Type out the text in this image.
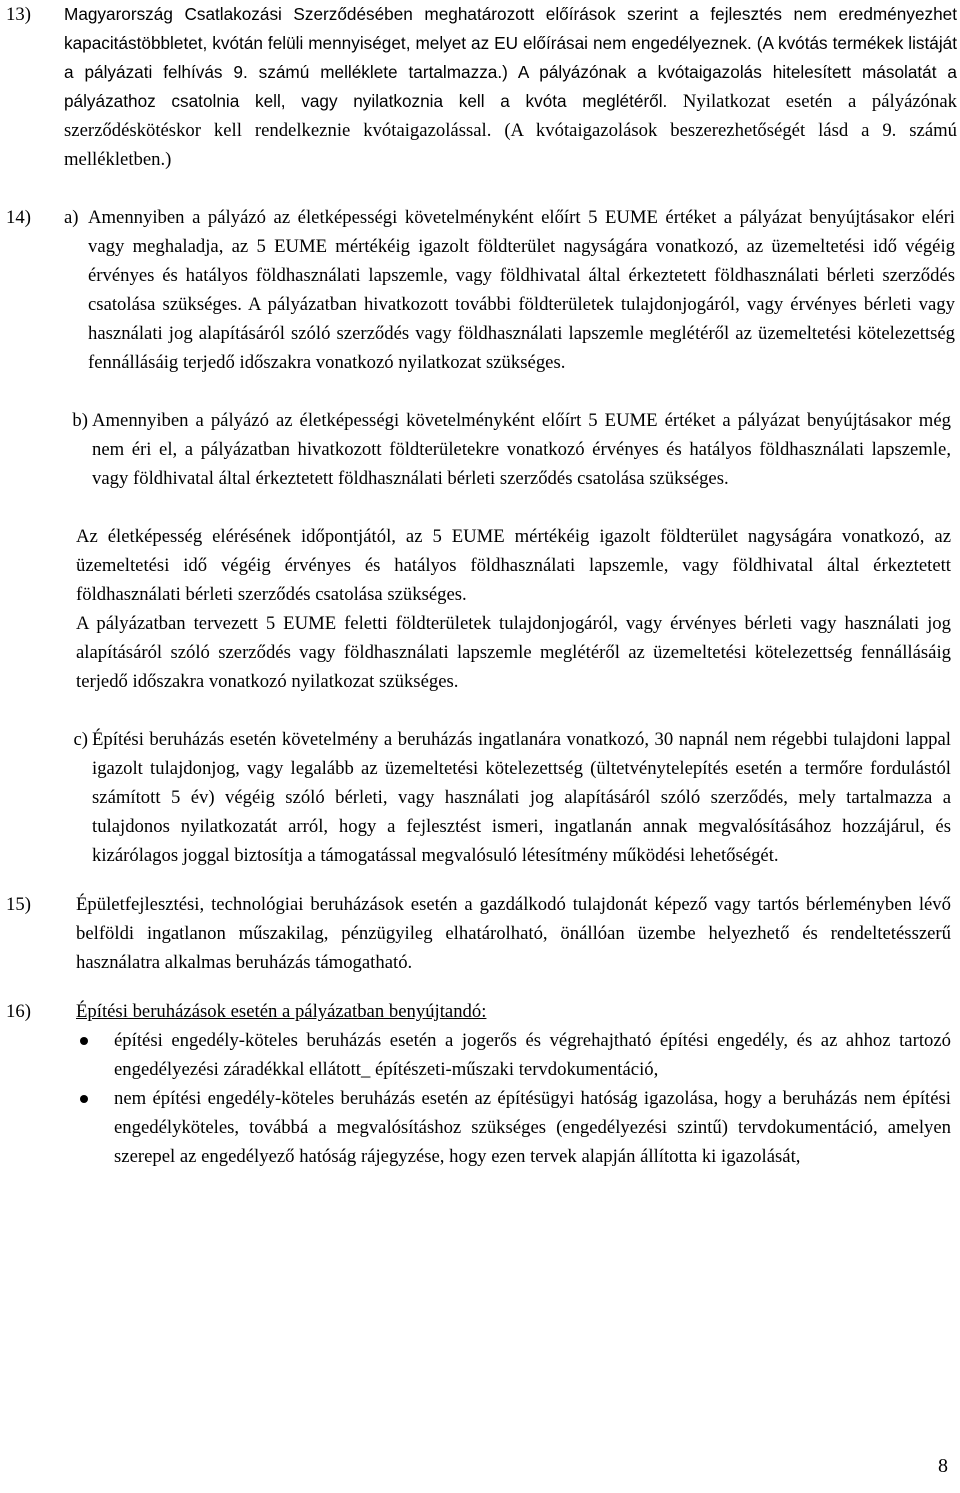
13)	Magyarország Csatlakozási Szerződésében meghatározott előírások szerint a fejlesztés nem eredményezhet kapacitástöbbletet, kvótán felüli mennyiséget, melyet az EU előírásai nem engedélyeznek. (A kvótás termékek listáját a pályázati felhívás 9. számú melléklete tartalmazza.) A pályázónak a kvótaigazolás hitelesített másolatát a pályázathoz csatolnia kell, vagy nyilatkoznia kell a kvóta meglétéről. Nyilatkozat esetén a pályázónak szerződéskötéskor kell rendelkeznie kvótaigazolással. (A kvótaigazolások beszerezhetőségét lásd a 9. számú mellékletben.)
14)	a) Amennyiben a pályázó az életképességi követelményként előírt 5 EUME értéket a pályázat benyújtásakor eléri vagy meghaladja, az 5 EUME mértékéig igazolt földterület nagyságára vonatkozó, az üzemeltetési idő végéig érvényes és hatályos földhasználati lapszemle, vagy földhivatal által érkeztetett földhasználati bérleti szerződés csatolása szükséges. A pályázatban hivatkozott további földterületek tulajdonjogáról, vagy érvényes bérleti vagy használati jog alapításáról szóló szerződés vagy földhasználati lapszemle meglétéről az üzemeltetési kötelezettség fennállásáig terjedő időszakra vonatkozó nyilatkozat szükséges.
b) Amennyiben a pályázó az életképességi követelményként előírt 5 EUME értéket a pályázat benyújtásakor még nem éri el, a pályázatban hivatkozott földterületekre vonatkozó érvényes és hatályos földhasználati lapszemle, vagy földhivatal által érkeztetett földhasználati bérleti szerződés csatolása szükséges.
Az életképesség elérésének időpontjától, az 5 EUME mértékéig igazolt földterület nagyságára vonatkozó, az üzemeltetési idő végéig érvényes és hatályos földhasználati lapszemle, vagy földhivatal által érkeztetett földhasználati bérleti szerződés csatolása szükséges.
A pályázatban tervezett 5 EUME feletti földterületek tulajdonjogáról, vagy érvényes bérleti vagy használati jog alapításáról szóló szerződés vagy földhasználati lapszemle meglétéről az üzemeltetési kötelezettség fennállásáig terjedő időszakra vonatkozó nyilatkozat szükséges.
c) Építési beruházás esetén követelmény a beruházás ingatlanára vonatkozó, 30 napnál nem régebbi tulajdoni lappal igazolt tulajdonjog, vagy legalább az üzemeltetési kötelezettség (ültetvénytelepítés esetén a termőre fordulástól számított 5 év) végéig szóló bérleti, vagy használati jog alapításáról szóló szerződés, mely tartalmazza a tulajdonos nyilatkozatát arról, hogy a fejlesztést ismeri, ingatlanán annak megvalósításához hozzájárul, és kizárólagos joggal biztosítja a támogatással megvalósuló létesítmény működési lehetőségét.
15)	Épületfejlesztési, technológiai beruházások esetén a gazdálkodó tulajdonát képező vagy tartós bérleményben lévő belföldi ingatlanon műszakilag, pénzügyileg elhatárolható, önállóan üzembe helyezhető és rendeltetésszerű használatra alkalmas beruházás támogatható.
16)	Építési beruházások esetén a pályázatban benyújtandó:
építési engedély-köteles beruházás esetén a jogerős és végrehajtható építési engedély, és az ahhoz tartozó engedélyezési záradékkal ellátott_ építészeti-műszaki tervdokumentáció,
nem építési engedély-köteles beruházás esetén az építésügyi hatóság igazolása, hogy a beruházás nem építési engedélyköteles, továbbá a megvalósításhoz szükséges (engedélyezési szintű) tervdokumentáció, amelyen szerepel az engedélyező hatóság rájegyzése, hogy ezen tervek alapján állította ki igazolását,
8
